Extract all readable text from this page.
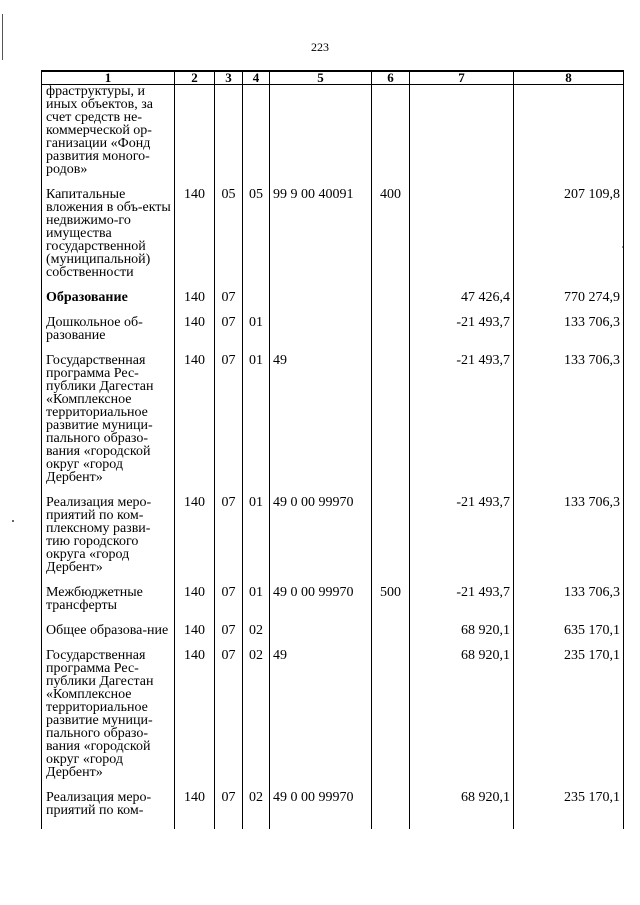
223
1	2	3	4	5	6	7	8
фраструктуры, и иных объектов, за счет средств не-коммерческой ор-ганизации «Фонд развития моного-родов»							
Капитальные вложения в объ-екты недвижимо-го имущества государственной (муниципальной) собственности	140	05	05	99 9 00 40091	400		207 109,8
Образование	140	07				47 426,4	770 274,9
Дошкольное об-разование	140	07	01			-21 493,7	133 706,3
Государственная программа Рес-публики Дагестан «Комплексное территориальное развитие муници-пального образо-вания «городской округ «город Дербент»	140	07	01	49		-21 493,7	133 706,3
Реализация меро-приятий по ком-плексному разви-тию городского округа «город Дербент»	140	07	01	49 0 00 99970		-21 493,7	133 706,3
Межбюджетные трансферты	140	07	01	49 0 00 99970	500	-21 493,7	133 706,3
Общее образова-ние	140	07	02			68 920,1	635 170,1
Государственная программа Рес-публики Дагестан «Комплексное территориальное развитие муници-пального образо-вания «городской округ «город Дербент»	140	07	02	49		68 920,1	235 170,1
Реализация меро-приятий по ком-	140	07	02	49 0 00 99970		68 920,1	235 170,1
